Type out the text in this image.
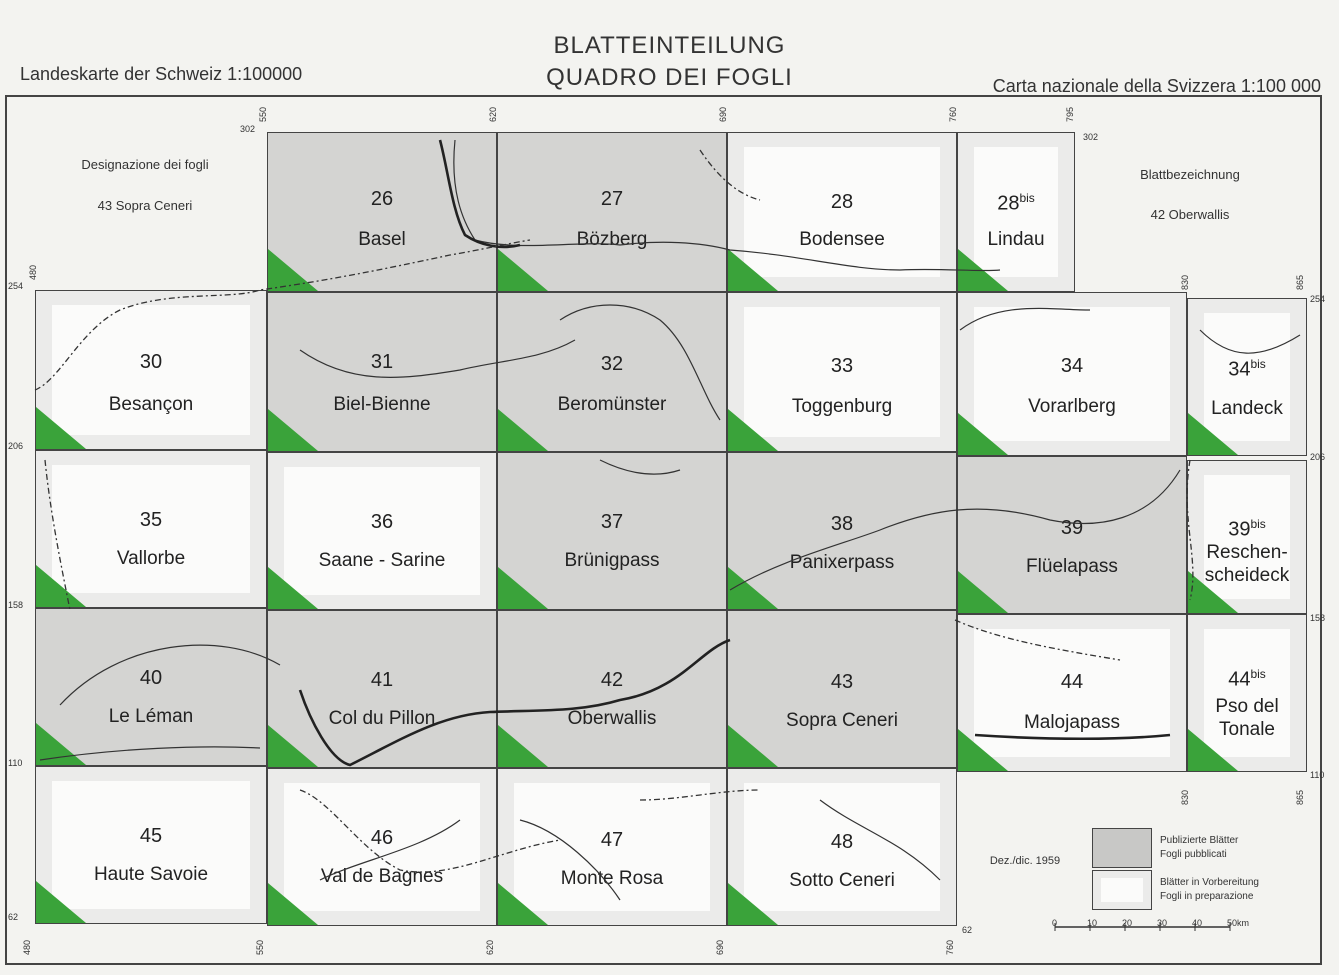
BLATTEINTEILUNG
QUADRO DEI FOGLI
Landeskarte der Schweiz 1:100000
Carta nazionale della Svizzera 1:100 000
26
Basel
27
Bözberg
28
Bodensee
$28^{bis}$
Lindau
30
Besançon
31
Biel-Bienne
32
Beromünster
33
Toggenburg
34
Vorarlberg
$34^{bis}$
Landeck
35
Vallorbe
36
Saane - Sarine
37
Brünigpass
38
Panixerpass
39
Flüelapass
$39^{bis}$
Reschen-
scheideck
40
Le Léman
41
Col du Pillon
42
Oberwallis
43
Sopra Ceneri
44
Malojapass
$44^{bis}$
Pso del
Tonale
45
Haute Savoie
46
Val de Bagnes
47
Monte Rosa
48
Sotto Ceneri
Designazione dei fogli
43 Sopra Ceneri
Blattbezeichnung
42 Oberwallis
550	620	690	760	795
480
830	865
480	550	620	690	760
830	865
302
254
206
158
110
62
302
254
206
158
110
62
Dez./dic. 1959
Publizierte Blätter
Fogli pubblicati
Blätter in Vorbereitung
Fogli in preparazione
0	10	20	30	40	50km
